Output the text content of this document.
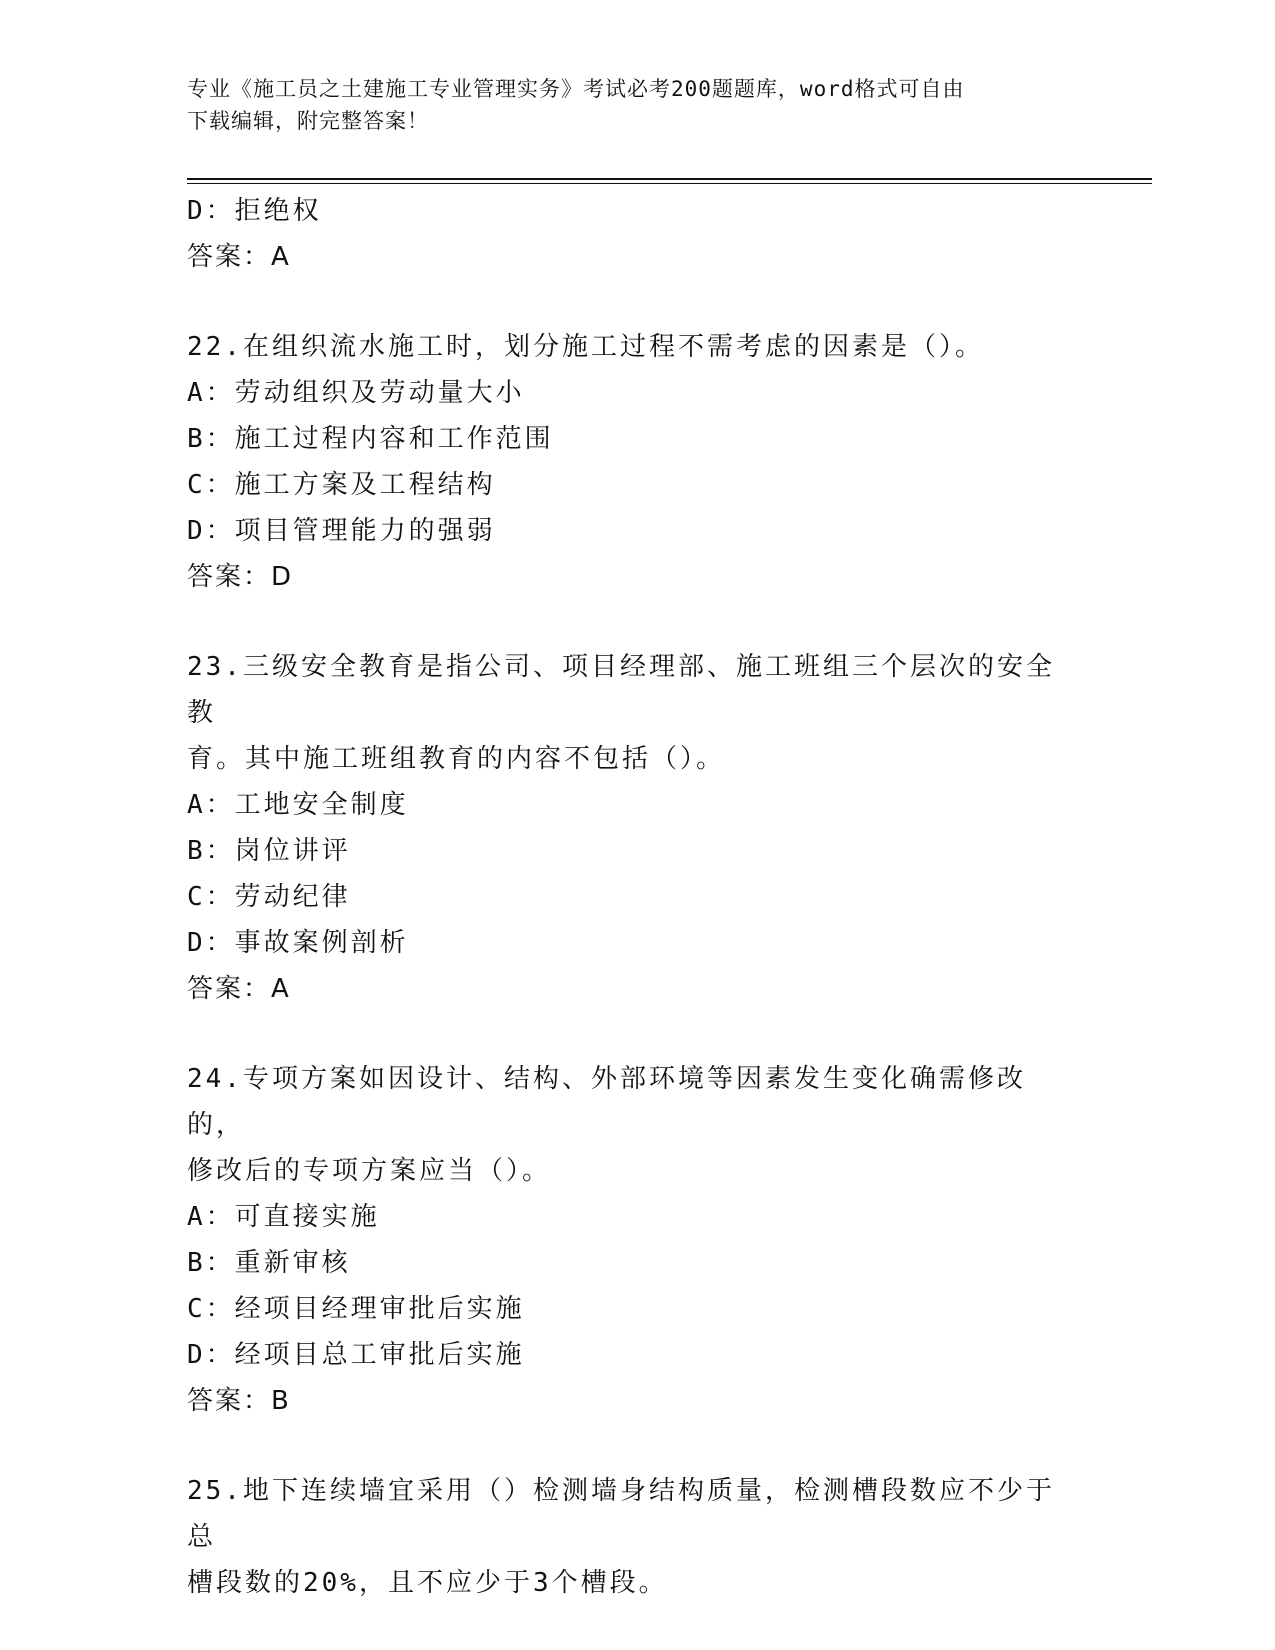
专业《施工员之土建施工专业管理实务》考试必考200题题库，word格式可自由
下载编辑，附完整答案！
D：拒绝权
答案：A
22.在组织流水施工时，划分施工过程不需考虑的因素是（）。
A：劳动组织及劳动量大小
B：施工过程内容和工作范围
C：施工方案及工程结构
D：项目管理能力的强弱
答案：D
23.三级安全教育是指公司、项目经理部、施工班组三个层次的安全教
育。其中施工班组教育的内容不包括（）。
A：工地安全制度
B：岗位讲评
C：劳动纪律
D：事故案例剖析
答案：A
24.专项方案如因设计、结构、外部环境等因素发生变化确需修改的，
修改后的专项方案应当（）。
A：可直接实施
B：重新审核
C：经项目经理审批后实施
D：经项目总工审批后实施
答案：B
25.地下连续墙宜采用（）检测墙身结构质量，检测槽段数应不少于总
槽段数的20%，且不应少于3个槽段。
